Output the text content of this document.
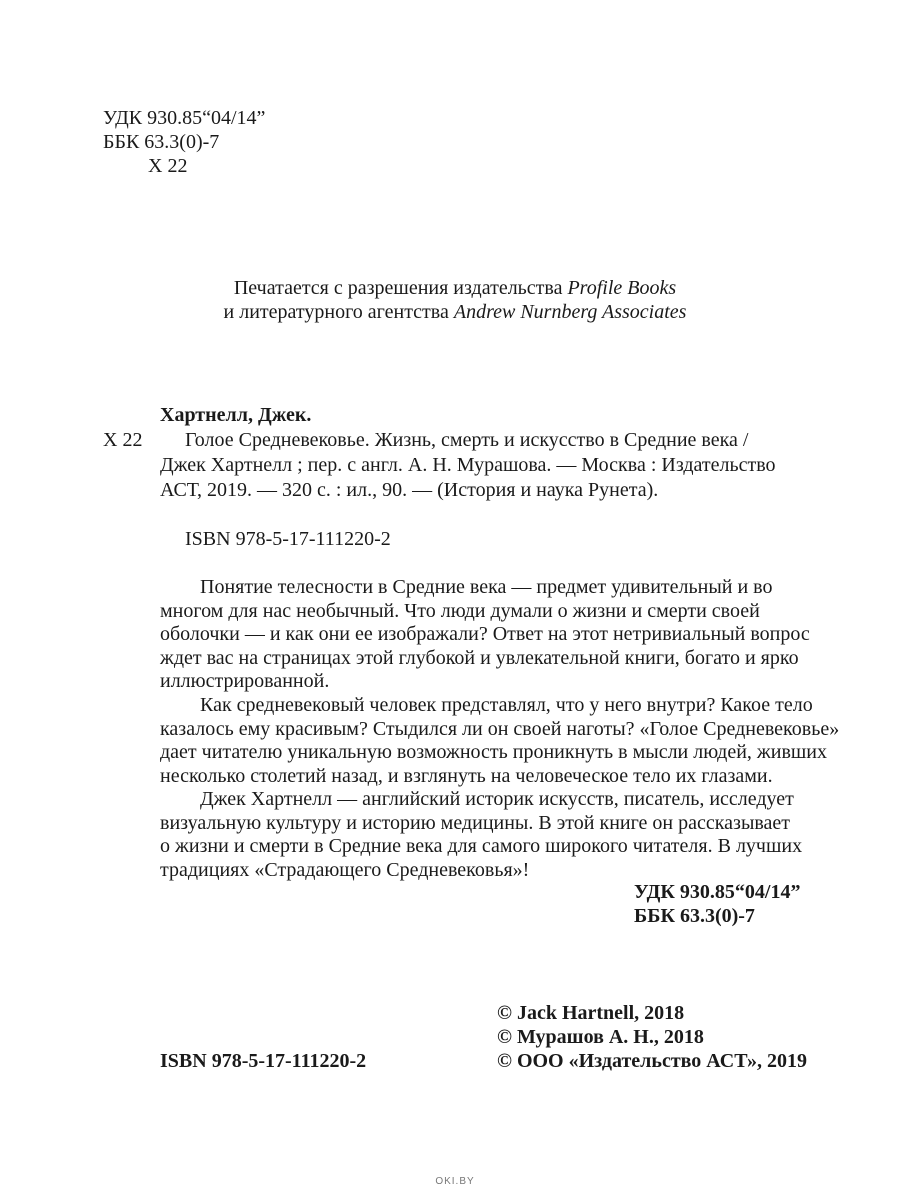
УДК 930.85“04/14”
ББК 63.3(0)-7
Х 22
Печатается с разрешения издательства Profile Books
и литературного агентства Andrew Nurnberg Associates
Хартнелл, Джек.
Х 22 Голое Средневековье. Жизнь, смерть и искусство в Средние века /
Джек Хартнелл ; пер. с англ. А. Н. Мурашова. — Москва : Издательство
АСТ, 2019. — 320 с. : ил., 90. — (История и наука Рунета).
ISBN 978-5-17-111220-2
Понятие телесности в Средние века — предмет удивительный и во
многом для нас необычный. Что люди думали о жизни и смерти своей
оболочки — и как они ее изображали? Ответ на этот нетривиальный вопрос
ждет вас на страницах этой глубокой и увлекательной книги, богато и ярко
иллюстрированной.
Как средневековый человек представлял, что у него внутри? Какое тело
казалось ему красивым? Стыдился ли он своей наготы? «Голое Средневековье»
дает читателю уникальную возможность проникнуть в мысли людей, живших
несколько столетий назад, и взглянуть на человеческое тело их глазами.
Джек Хартнелл — английский историк искусств, писатель, исследует
визуальную культуру и историю медицины. В этой книге он рассказывает
о жизни и смерти в Средние века для самого широкого читателя. В лучших
традициях «Страдающего Средневековья»!
УДК 930.85“04/14”
ББК 63.3(0)-7
© Jack Hartnell, 2018
© Мурашов А. Н., 2018
ISBN 978-5-17-111220-2	© ООО «Издательство АСТ», 2019
OKI.BY
